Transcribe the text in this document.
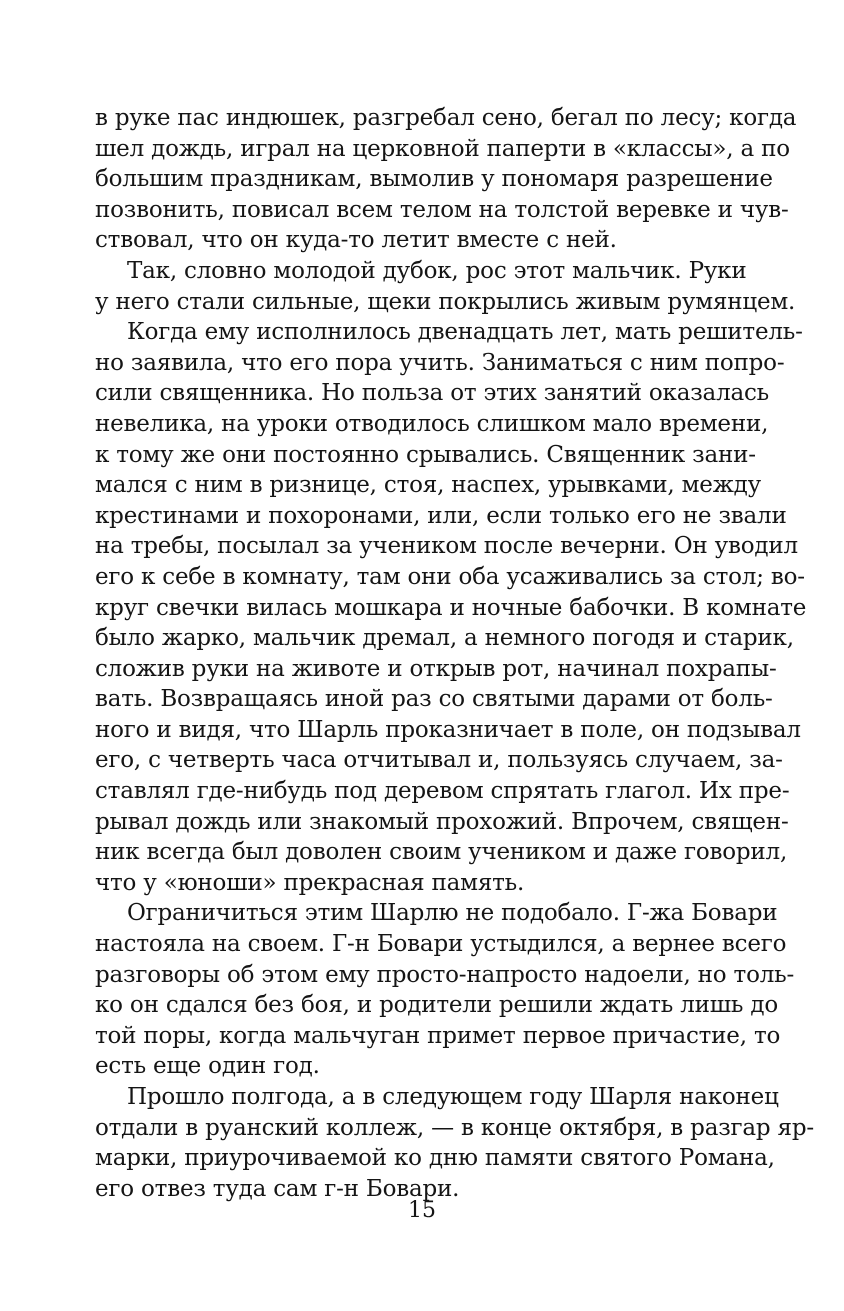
в руке пас индюшек, разгребал сено, бегал по лесу; когда
шел дождь, играл на церковной паперти в «классы», а по
большим праздникам, вымолив у пономаря разрешение
позвонить, повисал всем телом на толстой веревке и чув-
ствовал, что он куда-то летит вместе с ней.
Так, словно молодой дубок, рос этот мальчик. Руки
у него стали сильные, щеки покрылись живым румянцем.
Когда ему исполнилось двенадцать лет, мать решитель-
но заявила, что его пора учить. Заниматься с ним попро-
сили священника. Но польза от этих занятий оказалась
невелика, на уроки отводилось слишком мало времени,
к тому же они постоянно срывались. Священник зани-
мался с ним в ризнице, стоя, наспех, урывками, между
крестинами и похоронами, или, если только его не звали
на требы, посылал за учеником после вечерни. Он уводил
его к себе в комнату, там они оба усаживались за стол; во-
круг свечки вилась мошкара и ночные бабочки. В комнате
было жарко, мальчик дремал, а немного погодя и старик,
сложив руки на животе и открыв рот, начинал похрапы-
вать. Возвращаясь иной раз со святыми дарами от боль-
ного и видя, что Шарль проказничает в поле, он подзывал
его, с четверть часа отчитывал и, пользуясь случаем, за-
ставлял где-нибудь под деревом спрятать глагол. Их пре-
рывал дождь или знакомый прохожий. Впрочем, священ-
ник всегда был доволен своим учеником и даже говорил,
что у «юноши» прекрасная память.
Ограничиться этим Шарлю не подобало. Г-жа Бовари
настояла на своем. Г-н Бовари устыдился, а вернее всего
разговоры об этом ему просто-напросто надоели, но толь-
ко он сдался без боя, и родители решили ждать лишь до
той поры, когда мальчуган примет первое причастие, то
есть еще один год.
Прошло полгода, а в следующем году Шарля наконец
отдали в руанский коллеж, — в конце октября, в разгар яр-
марки, приурочиваемой ко дню памяти святого Романа,
его отвез туда сам г-н Бовари.
15
